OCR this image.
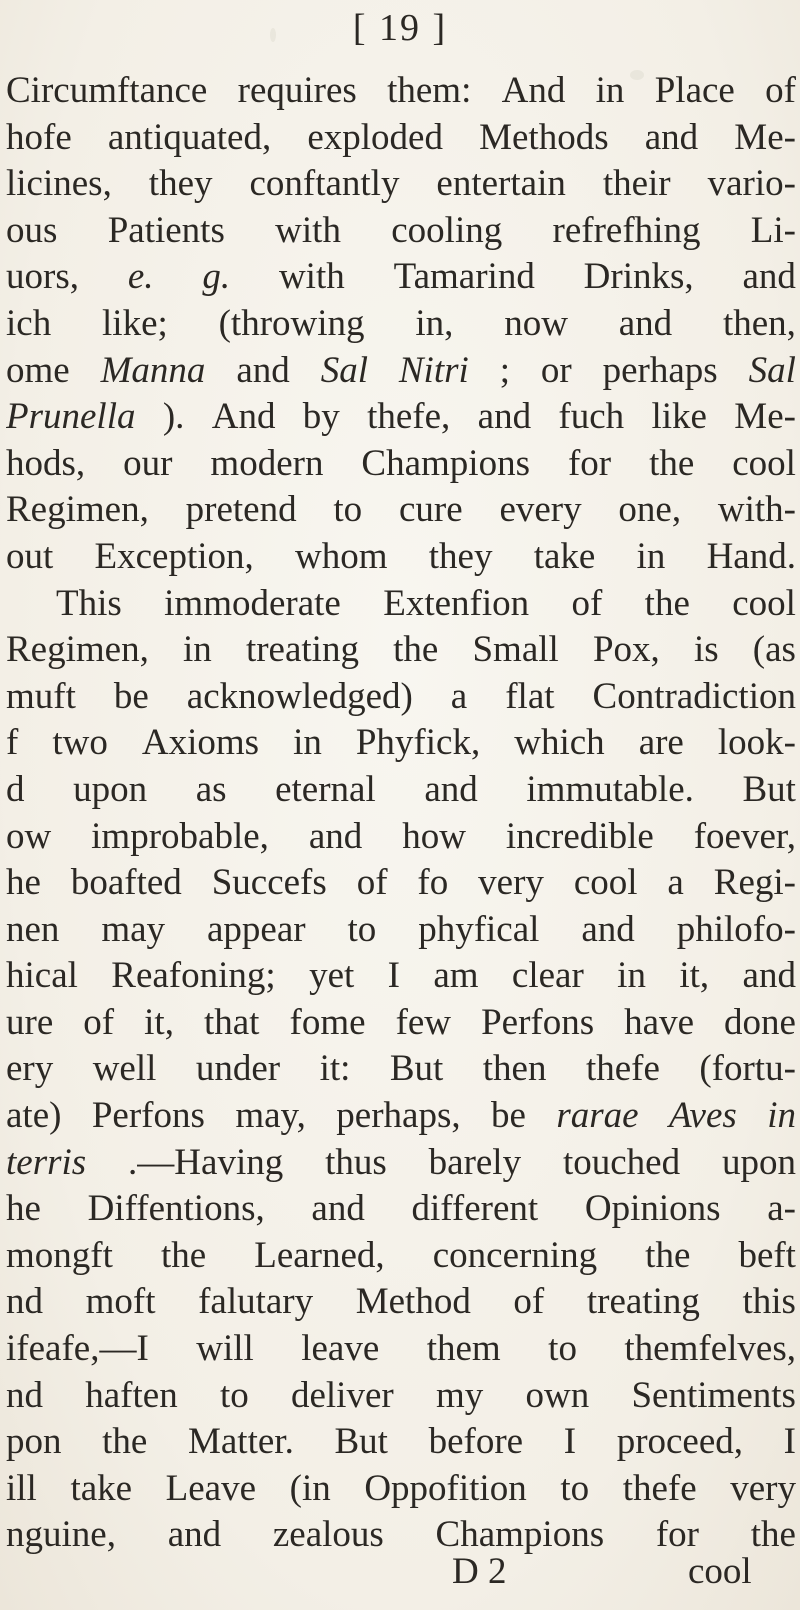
[ 19 ]
Circumftance requires them: And in Place of
hofe antiquated, exploded Methods and Me-
licines, they conftantly entertain their vario-
ous Patients with cooling refrefhing Li-
uors, e. g. with Tamarind Drinks, and
ich like; (throwing in, now and then,
ome Manna and Sal Nitri ; or perhaps Sal
Prunella ). And by thefe, and fuch like Me-
hods, our modern Champions for the cool
Regimen, pretend to cure every one, with-
out Exception, whom they take in Hand.
This immoderate Extenfion of the cool
Regimen, in treating the Small Pox, is (as
muft be acknowledged) a flat Contradiction
f two Axioms in Phyfick, which are look-
d upon as eternal and immutable. But
ow improbable, and how incredible foever,
he boafted Succefs of fo very cool a Regi-
nen may appear to phyfical and philofo-
hical Reafoning; yet I am clear in it, and
ure of it, that fome few Perfons have done
ery well under it: But then thefe (fortu-
ate) Perfons may, perhaps, be rarae Aves in
terris .—Having thus barely touched upon
he Diffentions, and different Opinions a-
mongft the Learned, concerning the beft
nd moft falutary Method of treating this
ifeafe,—I will leave them to themfelves,
nd haften to deliver my own Sentiments
pon the Matter. But before I proceed, I
ill take Leave (in Oppofition to thefe very
nguine, and zealous Champions for the
D 2	cool
